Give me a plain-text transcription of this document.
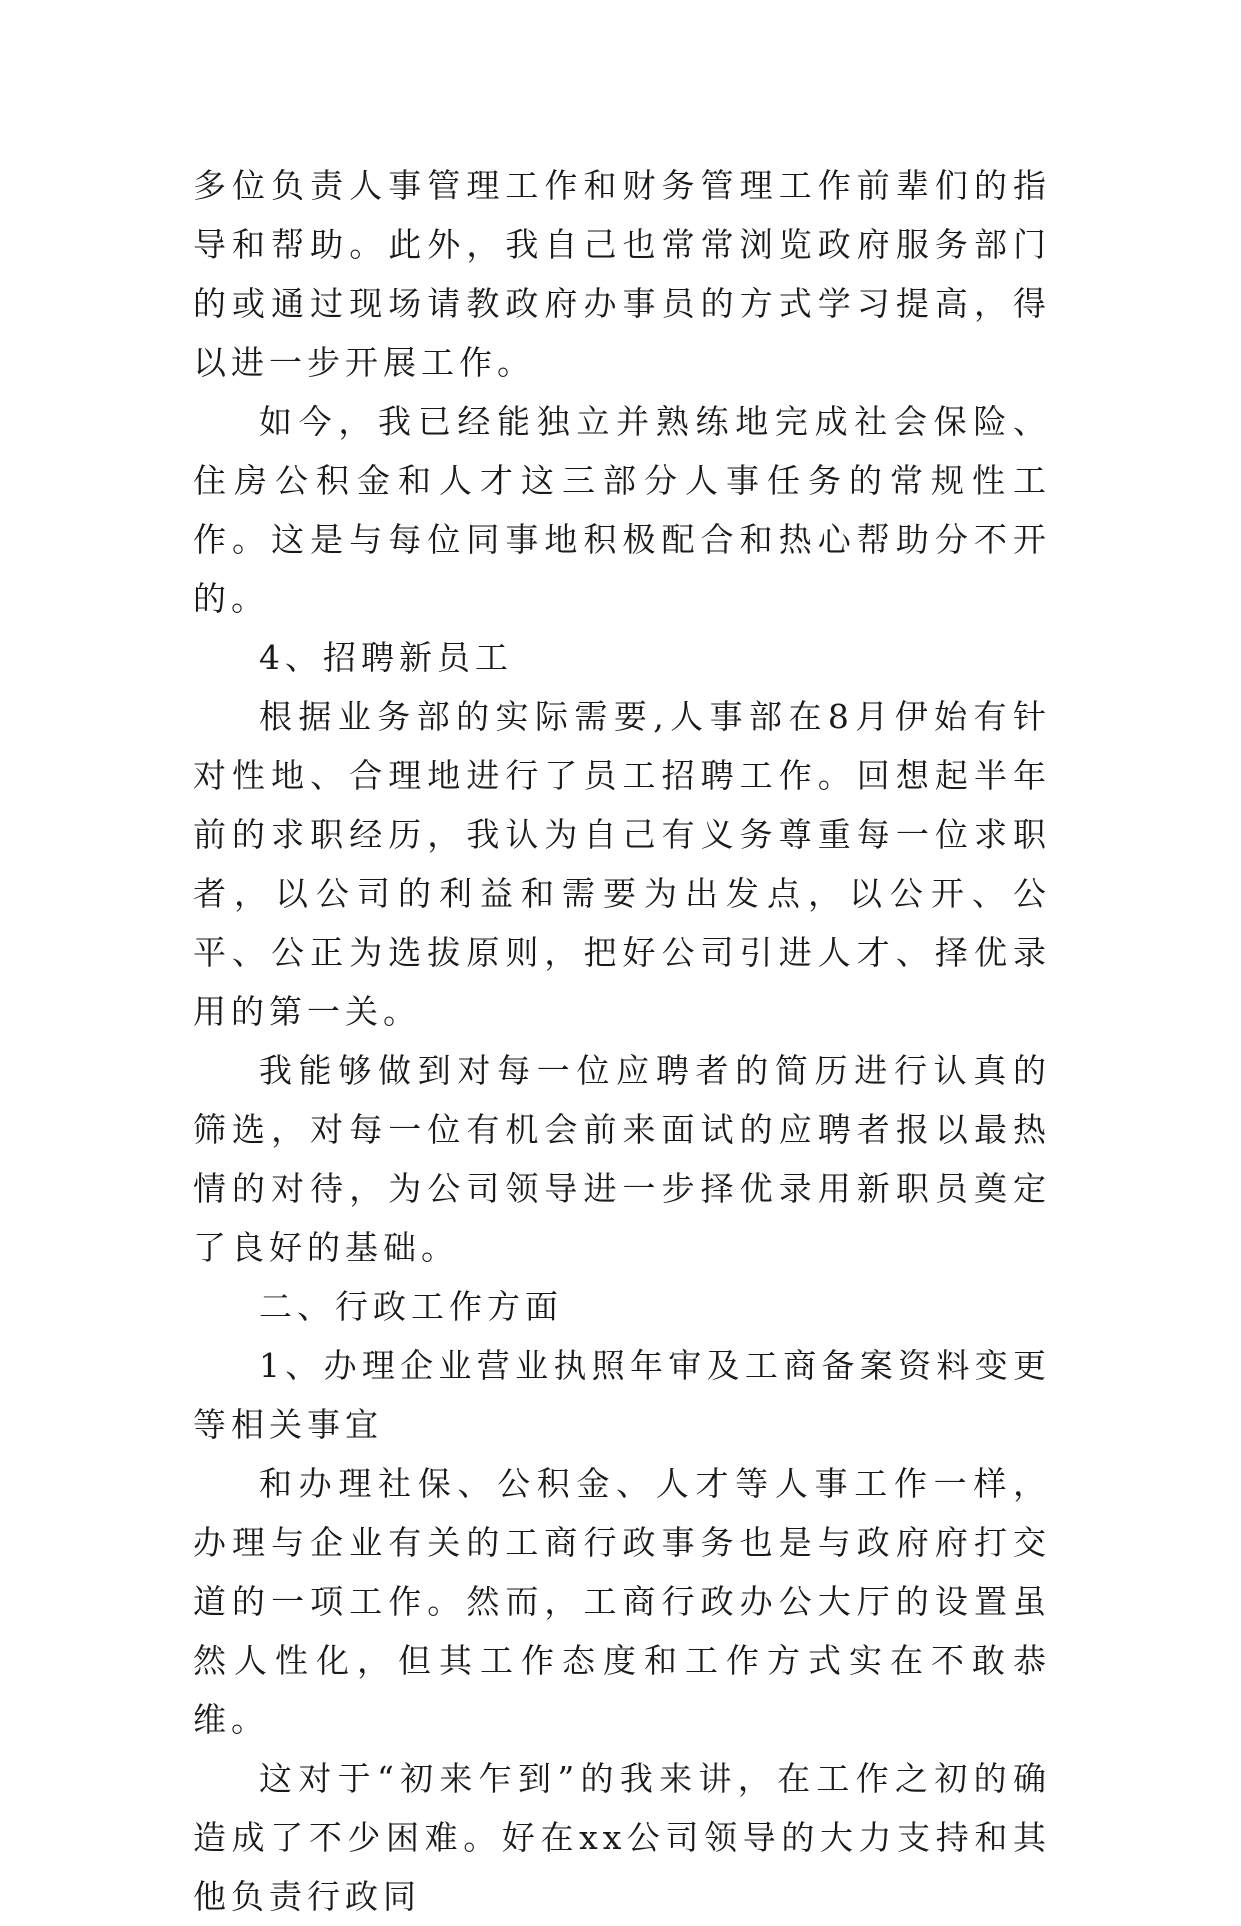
多位负责人事管理工作和财务管理工作前辈们的指导和帮助。此外，我自己也常常浏览政府服务部门的或通过现场请教政府办事员的方式学习提高，得以进一步开展工作。

如今，我已经能独立并熟练地完成社会保险、住房公积金和人才这三部分人事任务的常规性工作。这是与每位同事地积极配合和热心帮助分不开的。

4、招聘新员工

根据业务部的实际需要,人事部在8月伊始有针对性地、合理地进行了员工招聘工作。回想起半年前的求职经历，我认为自己有义务尊重每一位求职者，以公司的利益和需要为出发点，以公开、公平、公正为选拔原则，把好公司引进人才、择优录用的第一关。

我能够做到对每一位应聘者的简历进行认真的筛选，对每一位有机会前来面试的应聘者报以最热情的对待，为公司领导进一步择优录用新职员奠定了良好的基础。

二、行政工作方面

1、办理企业营业执照年审及工商备案资料变更等相关事宜

和办理社保、公积金、人才等人事工作一样，办理与企业有关的工商行政事务也是与政府府打交道的一项工作。然而，工商行政办公大厅的设置虽然人性化，但其工作态度和工作方式实在不敢恭维。

这对于“初来乍到”的我来讲，在工作之初的确造成了不少困难。好在xx公司领导的大力支持和其他负责行政同
